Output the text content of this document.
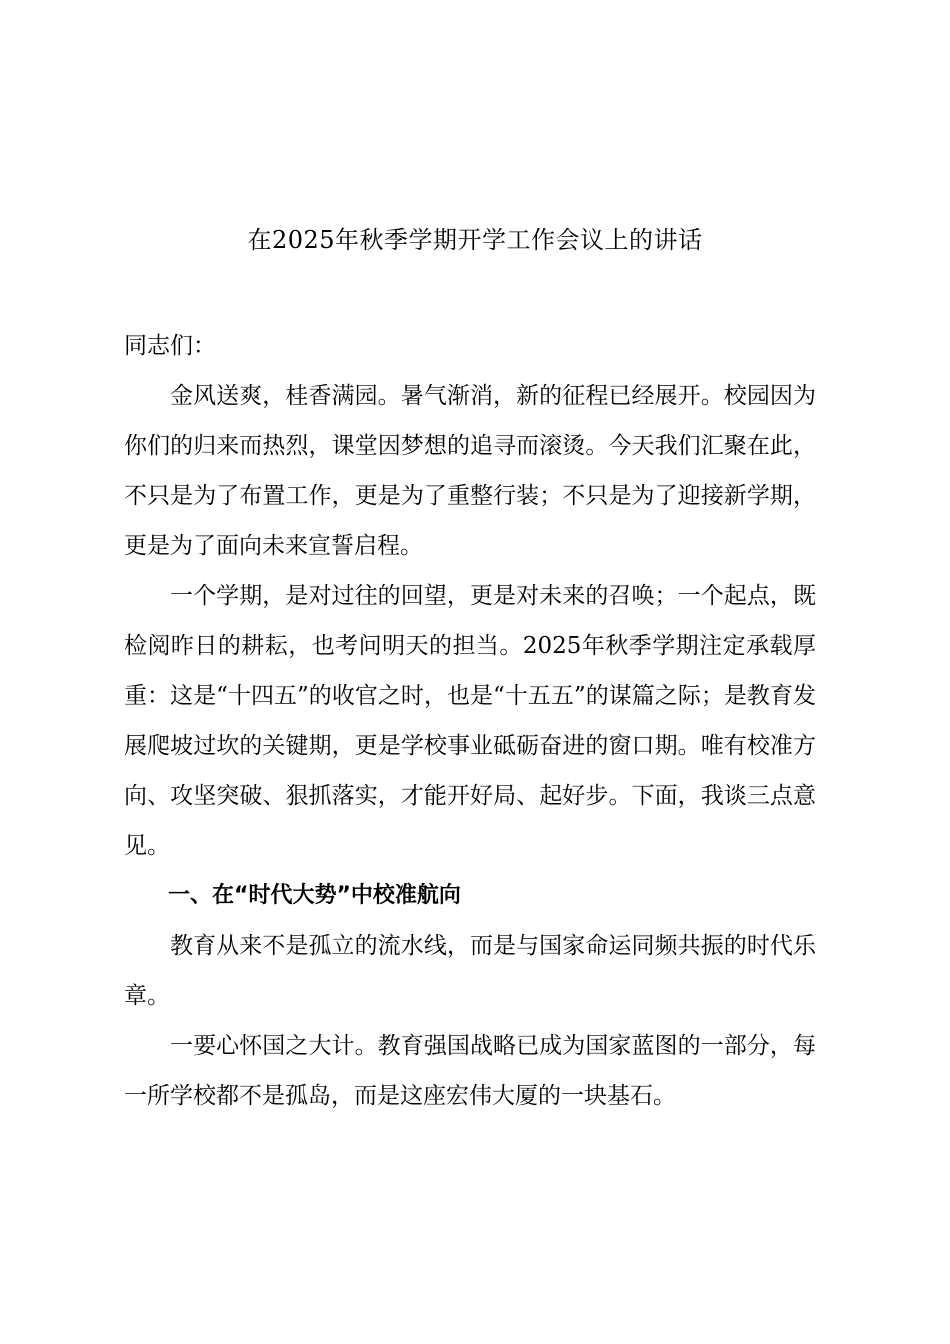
在2025年秋季学期开学工作会议上的讲话

同志们：

金风送爽，桂香满园。暑气渐消，新的征程已经展开。校园因为你们的归来而热烈，课堂因梦想的追寻而滚烫。今天我们汇聚在此，不只是为了布置工作，更是为了重整行装；不只是为了迎接新学期，更是为了面向未来宣誓启程。

一个学期，是对过往的回望，更是对未来的召唤；一个起点，既检阅昨日的耕耘，也考问明天的担当。2025年秋季学期注定承载厚重：这是“十四五”的收官之时，也是“十五五”的谋篇之际；是教育发展爬坡过坎的关键期，更是学校事业砥砺奋进的窗口期。唯有校准方向、攻坚突破、狠抓落实，才能开好局、起好步。下面，我谈三点意见。

一、在“时代大势”中校准航向

教育从来不是孤立的流水线，而是与国家命运同频共振的时代乐章。

一要心怀国之大计。教育强国战略已成为国家蓝图的一部分，每一所学校都不是孤岛，而是这座宏伟大厦的一块基石。
